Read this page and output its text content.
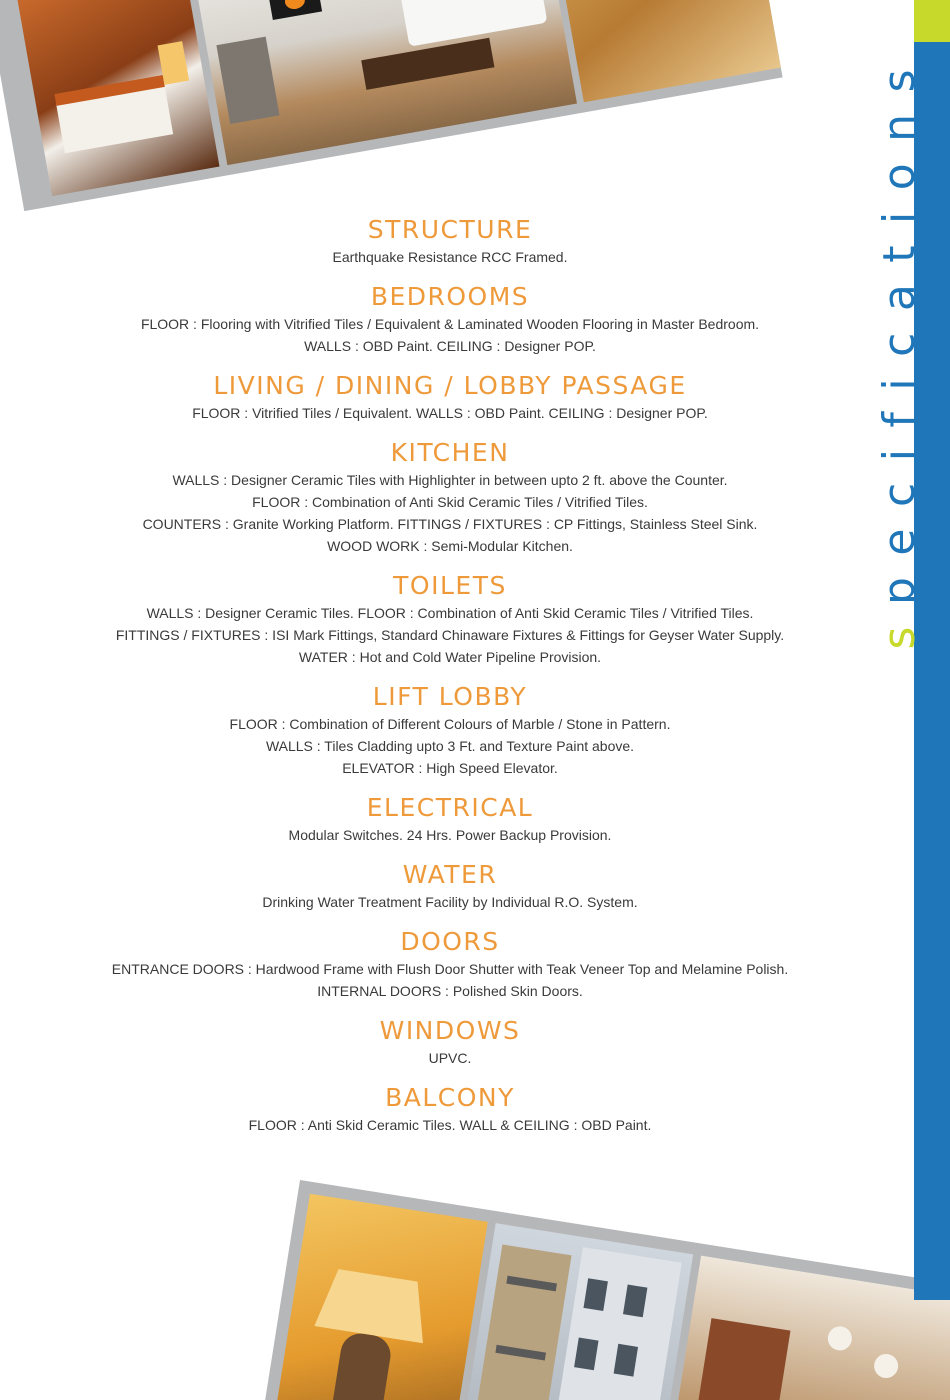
specifications
STRUCTURE

Earthquake Resistance RCC Framed.

BEDROOMS

FLOOR : Flooring with Vitrified Tiles / Equivalent & Laminated Wooden Flooring in Master Bedroom.

WALLS : OBD Paint. CEILING : Designer POP.

LIVING / DINING / LOBBY PASSAGE

FLOOR : Vitrified Tiles / Equivalent. WALLS : OBD Paint. CEILING : Designer POP.

KITCHEN

WALLS : Designer Ceramic Tiles with Highlighter in between upto 2 ft. above the Counter.

FLOOR : Combination of Anti Skid Ceramic Tiles / Vitrified Tiles.

COUNTERS : Granite Working Platform. FITTINGS / FIXTURES : CP Fittings, Stainless Steel Sink.

WOOD WORK : Semi-Modular Kitchen.

TOILETS

WALLS : Designer Ceramic Tiles. FLOOR : Combination of Anti Skid Ceramic Tiles / Vitrified Tiles.

FITTINGS / FIXTURES : ISI Mark Fittings, Standard Chinaware Fixtures & Fittings for Geyser Water Supply.

WATER : Hot and Cold Water Pipeline Provision.

LIFT LOBBY

FLOOR : Combination of Different Colours of Marble / Stone in Pattern.

WALLS : Tiles Cladding upto 3 Ft. and Texture Paint above.

ELEVATOR : High Speed Elevator.

ELECTRICAL

Modular Switches. 24 Hrs. Power Backup Provision.

WATER

Drinking Water Treatment Facility by Individual R.O. System.

DOORS

ENTRANCE DOORS : Hardwood Frame with Flush Door Shutter with Teak Veneer Top and Melamine Polish.

INTERNAL DOORS : Polished Skin Doors.

WINDOWS

UPVC.

BALCONY

FLOOR : Anti Skid Ceramic Tiles. WALL & CEILING : OBD Paint.
